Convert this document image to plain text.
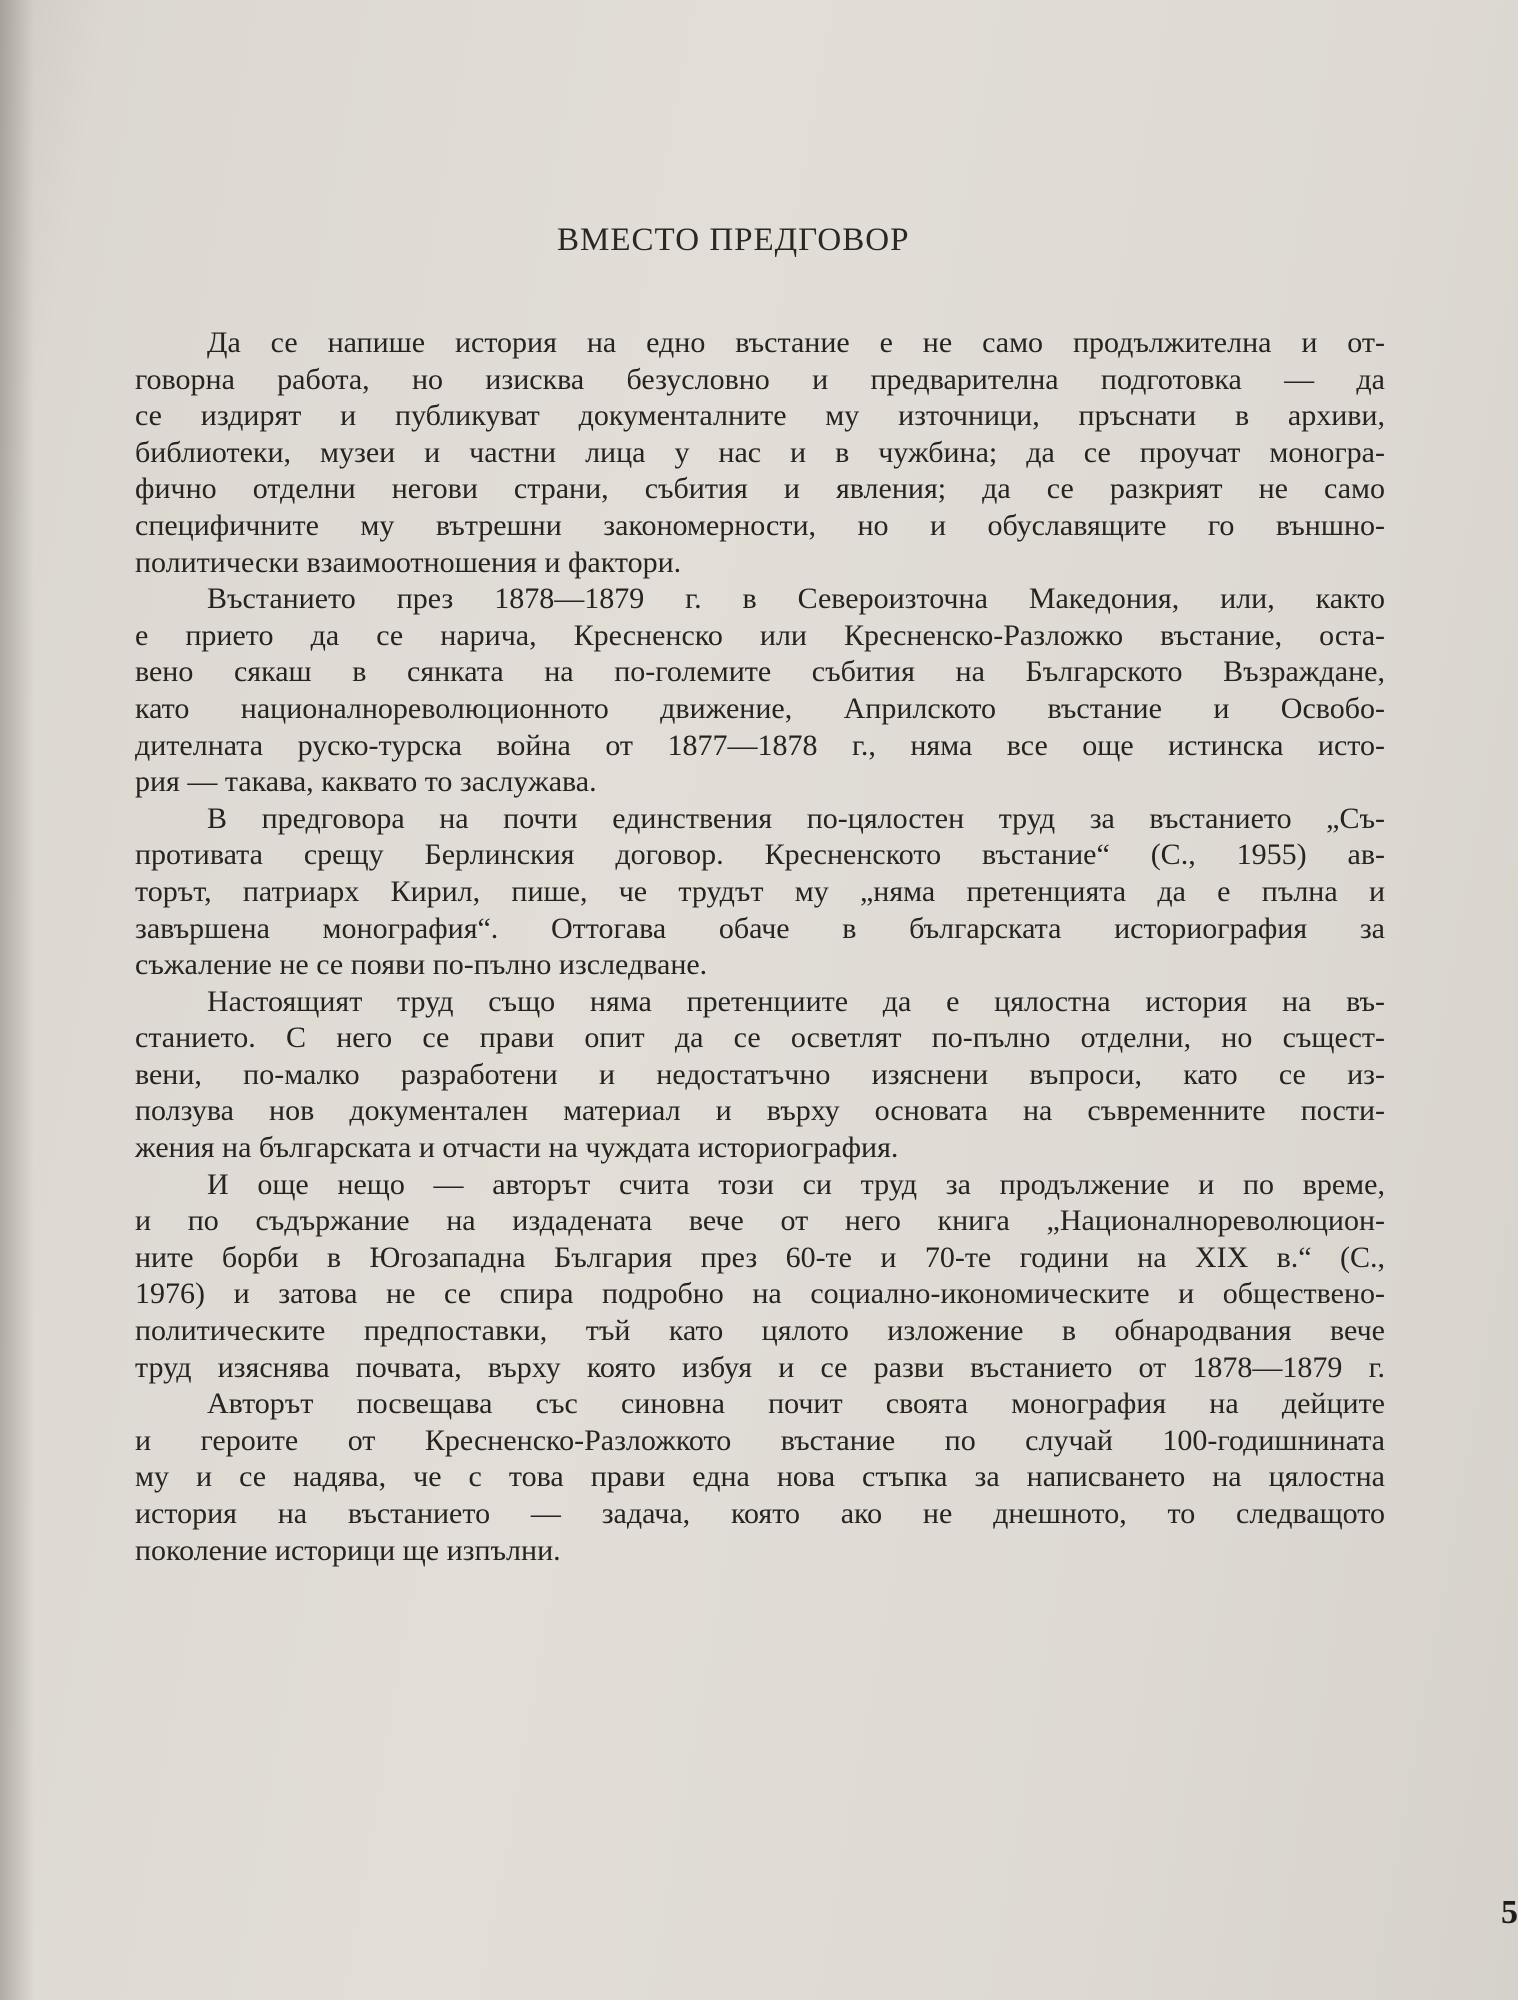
ВМЕСТО ПРЕДГОВОР

Да се напише история на едно въстание е не само продължителна и от-
говорна работа, но изисква безусловно и предварителна подготовка — да
се издирят и публикуват документалните му източници, пръснати в архиви,
библиотеки, музеи и частни лица у нас и в чужбина; да се проучат моногра-
фично отделни негови страни, събития и явления; да се разкрият не само
специфичните му вътрешни закономерности, но и обуславящите го външно-
политически взаимоотношения и фактори.

Въстанието през 1878—1879 г. в Североизточна Македония, или, както
е прието да се нарича, Кресненско или Кресненско-Разложко въстание, оста-
вено сякаш в сянката на по-големите събития на Българското Възраждане,
като националнореволюционното движение, Априлското въстание и Освобо-
дителната руско-турска война от 1877—1878 г., няма все още истинска исто-
рия — такава, каквато то заслужава.

В предговора на почти единствения по-цялостен труд за въстанието „Съ-
противата срещу Берлинския договор. Кресненското въстание“ (С., 1955) ав-
торът, патриарх Кирил, пише, че трудът му „няма претенцията да е пълна и
завършена монография“. Оттогава обаче в българската историография за
съжаление не се появи по-пълно изследване.

Настоящият труд също няма претенциите да е цялостна история на въ-
станието. С него се прави опит да се осветлят по-пълно отделни, но същест-
вени, по-малко разработени и недостатъчно изяснени въпроси, като се из-
ползува нов документален материал и върху основата на съвременните пости-
жения на българската и отчасти на чуждата историография.

И още нещо — авторът счита този си труд за продължение и по време,
и по съдържание на издадената вече от него книга „Националнореволюцион-
ните борби в Югозападна България през 60-те и 70-те години на XIX в.“ (С.,
1976) и затова не се спира подробно на социално-икономическите и обществено-
политическите предпоставки, тъй като цялото изложение в обнародвания вече
труд изяснява почвата, върху която избуя и се разви въстанието от 1878—1879 г.

Авторът посвещава със синовна почит своята монография на дейците
и героите от Кресненско-Разложкото въстание по случай 100-годишнината
му и се надява, че с това прави една нова стъпка за написването на цялостна
история на въстанието — задача, която ако не днешното, то следващото
поколение историци ще изпълни.

5
